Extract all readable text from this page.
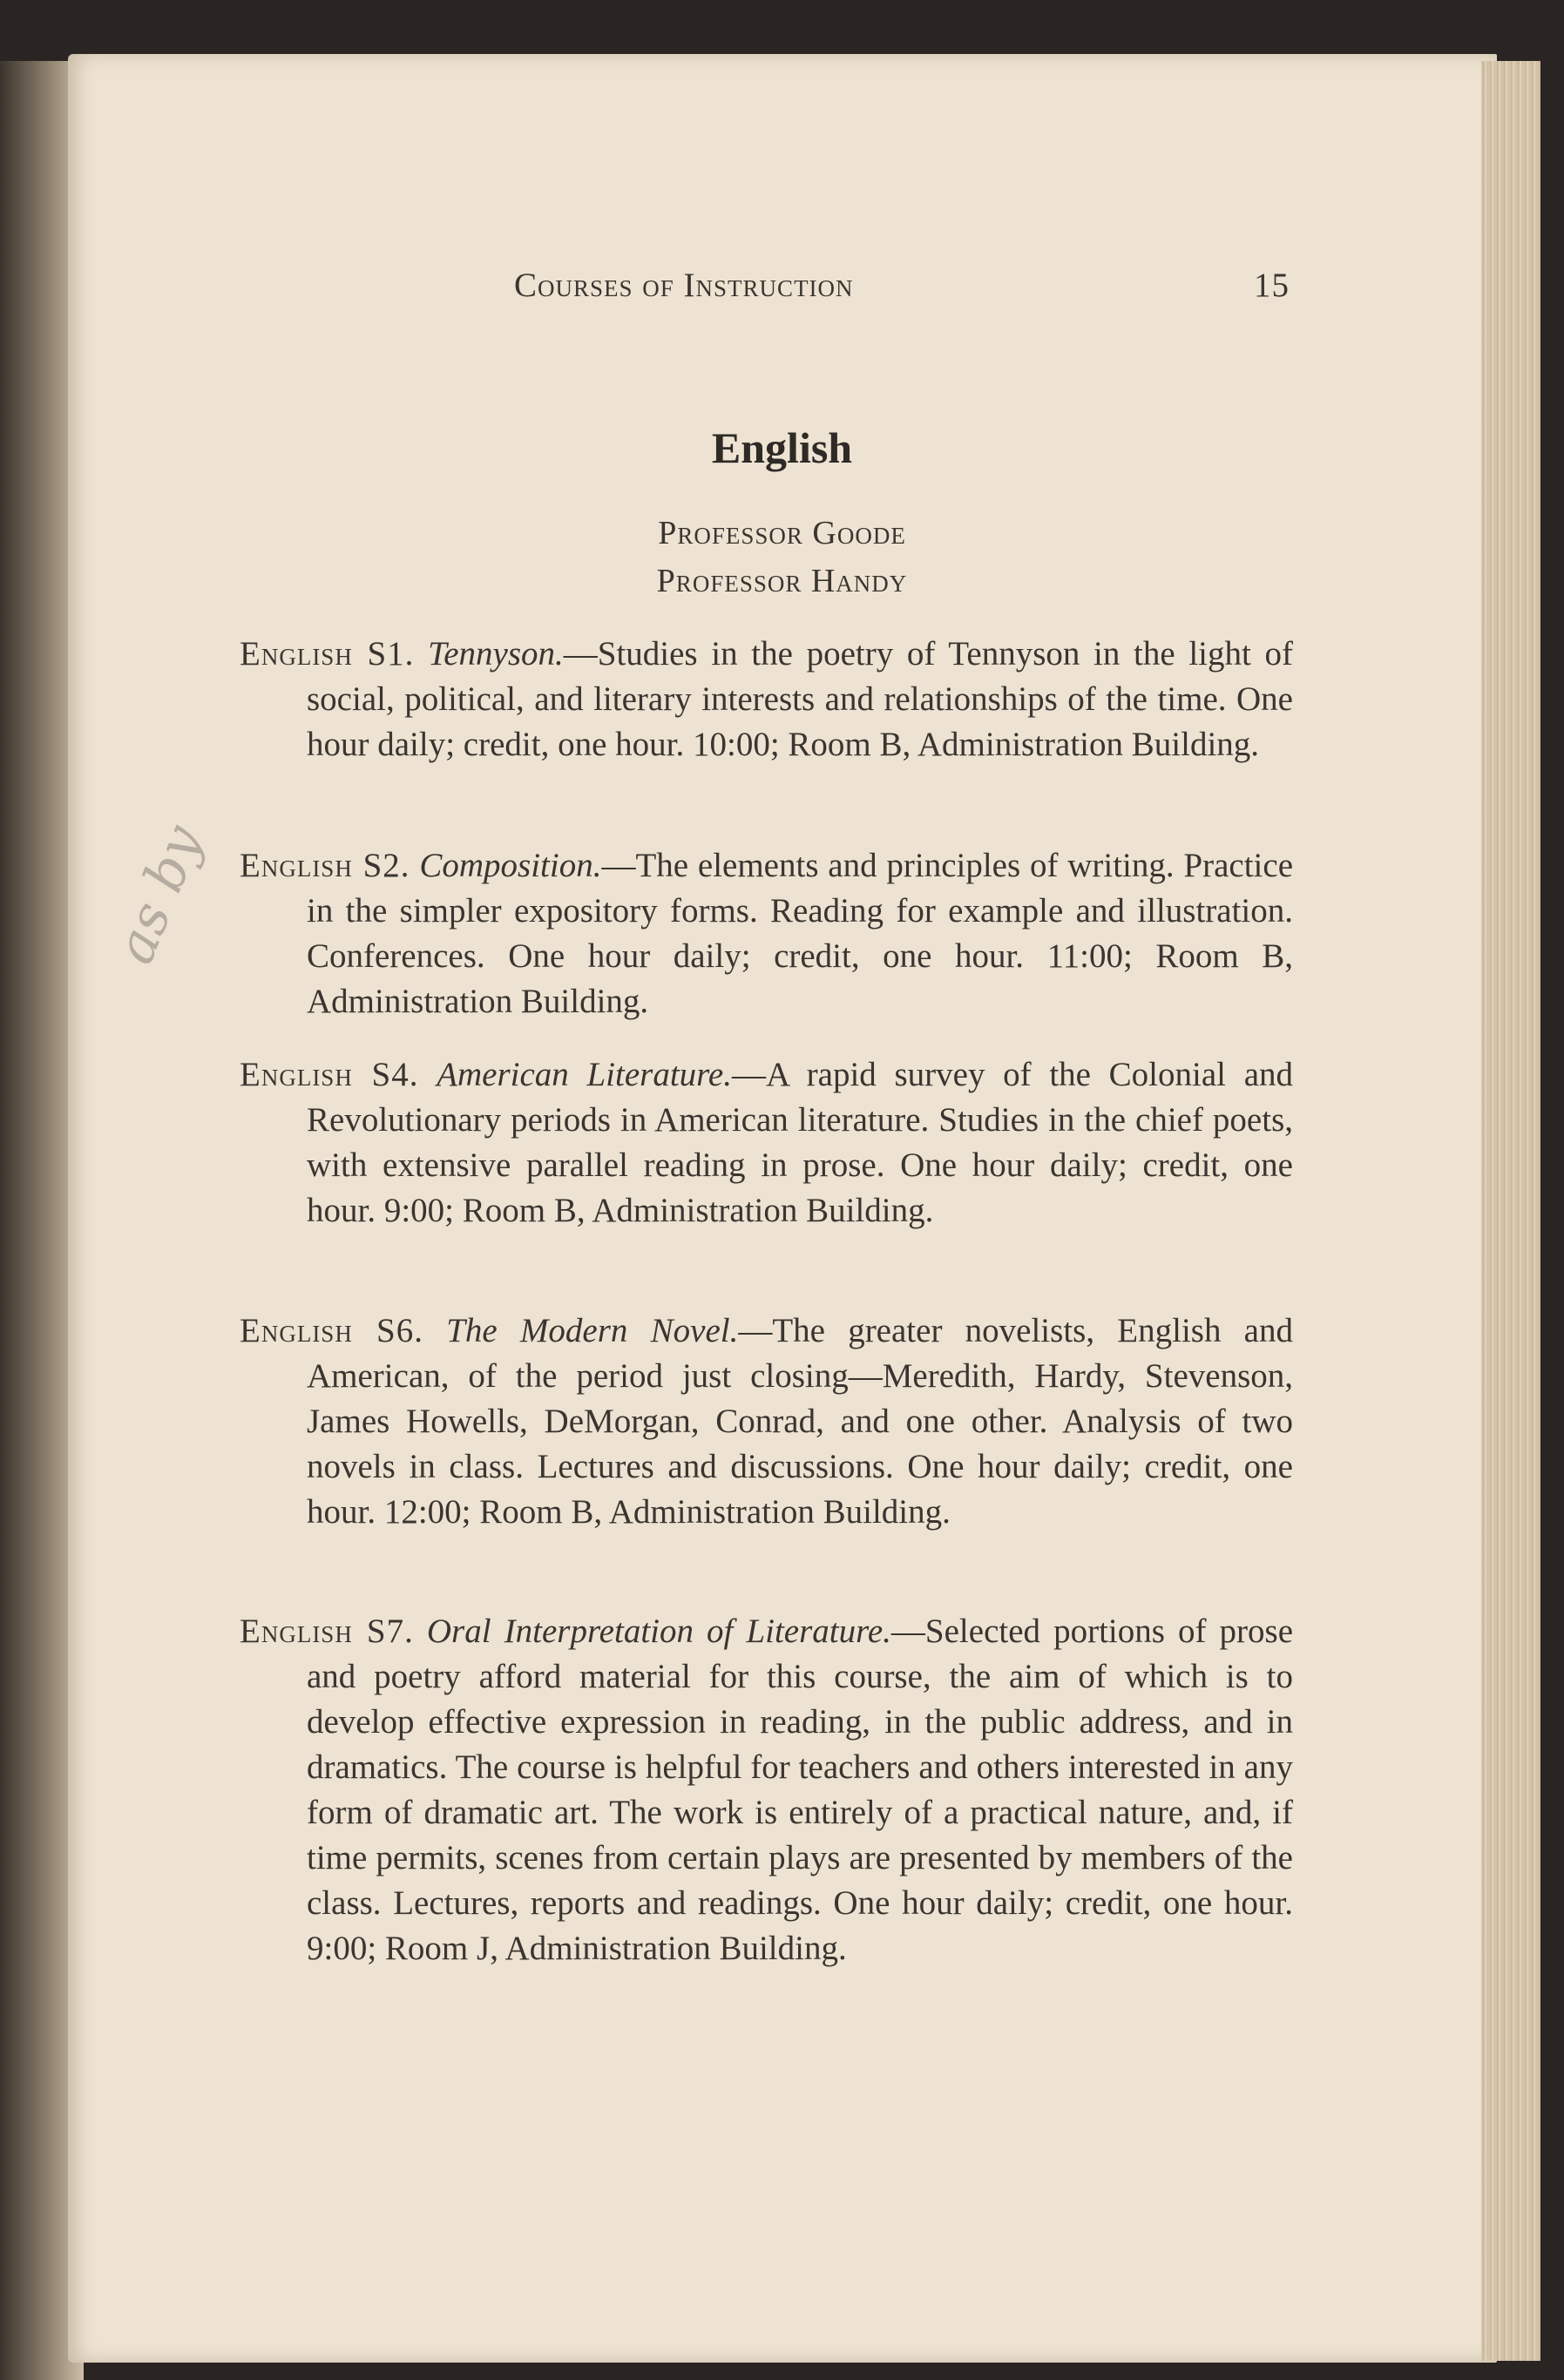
Courses of Instruction	15
English
Professor Goode
Professor Handy

English S1. Tennyson.—Studies in the poetry of Tennyson in the light of social, political, and literary interests and relationships of the time. One hour daily; credit, one hour. 10:00; Room B, Administration Building.

English S2. Composition.—The elements and principles of writing. Practice in the simpler expository forms. Reading for example and illustration. Conferences. One hour daily; credit, one hour. 11:00; Room B, Administration Building.

English S4. American Literature.—A rapid survey of the Colonial and Revolutionary periods in American literature. Studies in the chief poets, with extensive parallel reading in prose. One hour daily; credit, one hour. 9:00; Room B, Administration Building.

English S6. The Modern Novel.—The greater novelists, English and American, of the period just closing—Meredith, Hardy, Stevenson, James Howells, DeMorgan, Conrad, and one other. Analysis of two novels in class. Lectures and discussions. One hour daily; credit, one hour. 12:00; Room B, Administration Building.

English S7. Oral Interpretation of Literature.—Selected portions of prose and poetry afford material for this course, the aim of which is to develop effective expression in reading, in the public address, and in dramatics. The course is helpful for teachers and others interested in any form of dramatic art. The work is entirely of a practical nature, and, if time permits, scenes from certain plays are presented by members of the class. Lectures, reports and readings. One hour daily; credit, one hour. 9:00; Room J, Administration Building.

as by
